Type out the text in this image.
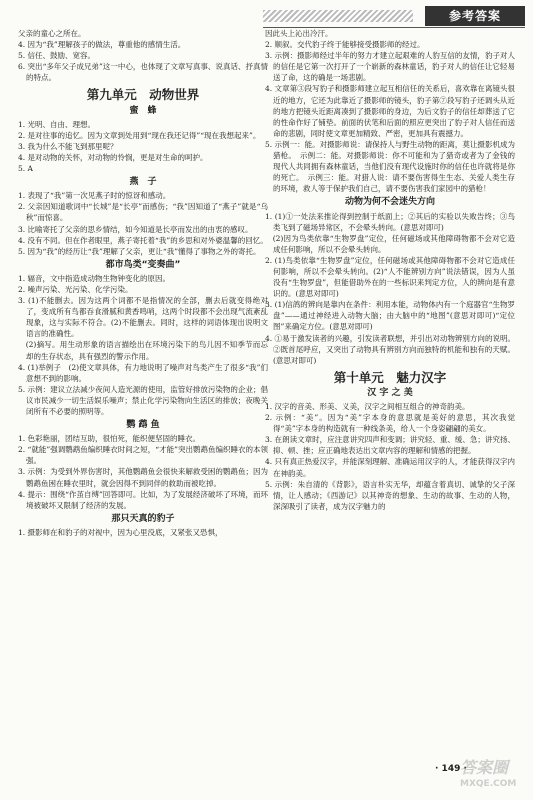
参考答案
父亲的童心之所在。
4. 因为“我”理解孩子的做法，尊重他的感情生活。
5. 信任、鼓励、宽容。
6. 突出“多年父子成兄弟”这一中心，也体现了文章写真事、说真话、抒真情的特点。
第九单元　动物世界
蜜　蜂
1. 光明、自由、理想。
2. 是对往事的追忆。因为文章到处用到“现在我还记得”“现在我想起来”。
3. 我为什么不能飞到那里呢？
4. 是对动物的关怀，对动物的怜悯，更是对生命的呵护。
5. A
燕　子
1. 表现了“我”第一次见燕子时的惊讶和感动。
2. 父亲因知道歌词中“长城”是“长亭”而感伤；“我”因知道了“燕子”就是“乌秋”而惊喜。
3. 比喻寄托了父亲的思乡情结，如今知道是长亭而发出的由衷的感叹。
4. 没有不同。但在作者眼里，燕子寄托着“我”的乡思和对外婆温馨的回忆。
5. 因为“我”的经历让“我”理解了父亲，更让“我”懂得了事物之外的寄托。
都市鸟类“变奏曲”
1. 辐音，文中指造成动物生物钟变化的原因。
2. 噪声污染、光污染、化学污染。
3. (1)不能删去。因为这两个词都不是指情况的全部，删去后就变得绝对了，变成所有鸟都吞食滑腻和黄香鸣哨，这两个时段都不会出现气流紊乱现象，这与实际不符合。(2)不能删去。同时，这样的词语体现出说明文语言的准确性。
　(2)摘写。用生动形象的语言描绘出在环境污染下的鸟儿因不知季节而忘却的生存状态，具有强烈的警示作用。
4. (1)举例子　(2)使文章具体，有力地说明了噪声对鸟类产生了很多“我”们意想不到的影响。
5. 示例：建议立法减少夜间人造光源的使用，监管好排放污染物的企业；倡议市民减少一切生活娱乐噪声；禁止化学污染物向生活区的排放；夜晚关闭所有不必要的照明等。
鹦 鹉 鱼
1. 色彩艳丽，团结互助，很怕死，能织便坚固的睡衣。
2. “就能”强调鹦鹉鱼编织睡衣时间之短，“才能”突出鹦鹉鱼编织睡衣的本领强。
3. 示例：为受到外界伤害时，其他鹦鹉鱼会很快来解救受困的鹦鹉鱼；因为鹦鹉鱼困在睡衣里时，就会因得不到同伴的救助而被吃掉。
4. 提示：围绕“作茧自缚”回答即可。比如，为了发展经济破坏了环境，而环境被破坏又限制了经济的发展。
那只天真的豹子
1. 摄影师在和豹子的对视中，因为心里没底，又紧张又恐惧，
因此头上沁出冷汗。
2. 顺叙。交代豹子终于能够接受摄影师的经过。
3. 示例：摄影师经过半年的努力才建立起艰难的人豹互信的友情，豹子对人的信任是它第一次打开了一个崭新的森林童话，豹子对人的信任让它轻易送了命，这的确是一场悲剧。
4. 文章第③段写豹子和摄影师建立起互相信任的关系后，喜欢靠在离镜头很近的地方，它还为此靠近了摄影师的镜头，豹子第⑦段写豹子还调头从近的地方把镜头近距离凑到了摄影师的身边，为后文豹子的信任却葬送了它的性命作好了铺垫。前面的伏笔和后面的照应更突出了豹子对人信任而送命的悲剧，同时使文章更加精致、严密，更加具有震撼力。
5. 示例一：能。对摄影师说：请保持人与野生动物的距离，莫让摄影机成为猎枪。　示例二：能。对摄影师说：你不可能和为了猎奇或者为了金钱的现代人共同拥有森林童话，当他们没有现代设施时你的信任也许就将是你的死亡。　示例三：能。对猎人说：请不要伤害得生生态、关爱人类生存的环境，救人等于保护我们自己，请不要伤害我们家园中的猎枪！
动物为何不会迷失方向
1. (1)①一处法来推论得到控制于纸面上；②其后的实验以失败告终；③鸟类飞到了磁场异常区，不会晕头转向。(意思对即可)
　(2)因为鸟类依靠“生物罗盘”定位，任何磁场或其他障碍物都不会对它造成任何影响，所以不会晕头转向。
2. (1)鸟类依靠“生物罗盘”定位，任何磁场或其他障碍物都不会对它造成任何影响，所以不会晕头转向。(2)“人不能辨别方向”说法错误，因为人虽没有“生物罗盘”，但能借助外在的一些标识来判定方位，人的辨向是有意识的。(意思对即可)
3. (1)信鸽的辨向是靠内在条件：利用本能，动物体内有一个庭器官“生物罗盘”——通过神经进入动物大脑；由大脑中的“地图”(意思对即可)“定位图”来确定方位。(意思对即可)
4. ①易于激发读者的兴趣，引发读者联想，并引出对动物辨别方向的说明。②既首尾呼应，又突出了动物具有辨别方向而独特的机能和独有的天赋。(意思对即可)
第十单元　魅力汉字
汉 字 之 美
1. 汉字的音美、形美、义美，汉字之间相互组合的神奇韵美。
2. 示例：“美”。因为“美”字本身的意思就是美好的意思，其次我觉得“美”字本身的构造就有一种线条美，给人一个身姿翩翩的美女。
3. 在朗读文章时，应注意讲究四声和变调；讲究轻、重、缓、急；讲究扬、抑、顿、挫；应正确地表达出文章内容的理解和情感的把握。
4. 只有真正热爱汉字，并能深刻理解、准确运用汉字的人，才能获得汉字内在神韵美。
5. 示例：朱自清的《背影》，语言朴实无华，却蕴含着真切、诚挚的父子深情，让人感动；《西游记》以其神奇的想象、生动的故事、生动的人物，深深吸引了读者，成为汉字魅力的
· 149 ·
答案圈
MXQE.COM
